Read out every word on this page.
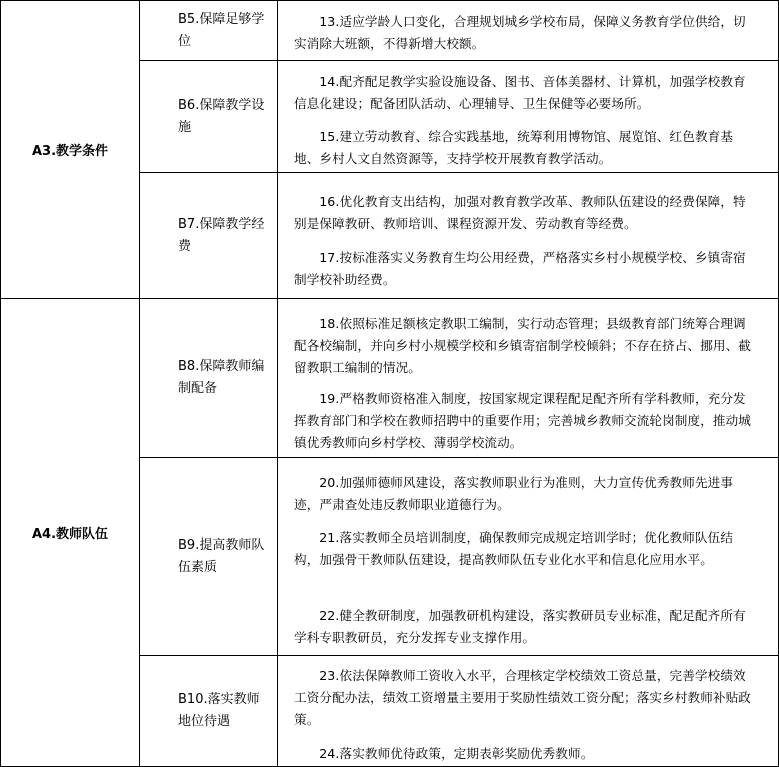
A3.教学条件
B5.保障足够学位

13.适应学龄人口变化，合理规划城乡学校布局，保障义务教育学位供给，切实消除大班额，不得新增大校额。

B6.保障教学设施

14.配齐配足教学实验设施设备、图书、音体美器材、计算机，加强学校教育信息化建设；配备团队活动、心理辅导、卫生保健等必要场所。

15.建立劳动教育、综合实践基地，统筹利用博物馆、展览馆、红色教育基地、乡村人文自然资源等，支持学校开展教育教学活动。

B7.保障教学经费

16.优化教育支出结构，加强对教育教学改革、教师队伍建设的经费保障，特别是保障教研、教师培训、课程资源开发、劳动教育等经费。

17.按标准落实义务教育生均公用经费，严格落实乡村小规模学校、乡镇寄宿制学校补助经费。

A4.教师队伍
B8.保障教师编制配备

18.依照标准足额核定教职工编制，实行动态管理；县级教育部门统筹合理调配各校编制，并向乡村小规模学校和乡镇寄宿制学校倾斜；不存在挤占、挪用、截留教职工编制的情况。

19.严格教师资格准入制度，按国家规定课程配足配齐所有学科教师，充分发挥教育部门和学校在教师招聘中的重要作用；完善城乡教师交流轮岗制度，推动城镇优秀教师向乡村学校、薄弱学校流动。

B9.提高教师队伍素质

20.加强师德师风建设，落实教师职业行为准则，大力宣传优秀教师先进事迹，严肃查处违反教师职业道德行为。

21.落实教师全员培训制度，确保教师完成规定培训学时；优化教师队伍结构，加强骨干教师队伍建设，提高教师队伍专业化水平和信息化应用水平。

22.健全教研制度，加强教研机构建设，落实教研员专业标准，配足配齐所有学科专职教研员，充分发挥专业支撑作用。

B10.落实教师地位待遇

23.依法保障教师工资收入水平，合理核定学校绩效工资总量，完善学校绩效工资分配办法，绩效工资增量主要用于奖励性绩效工资分配；落实乡村教师补贴政策。

24.落实教师优待政策，定期表彰奖励优秀教师。
